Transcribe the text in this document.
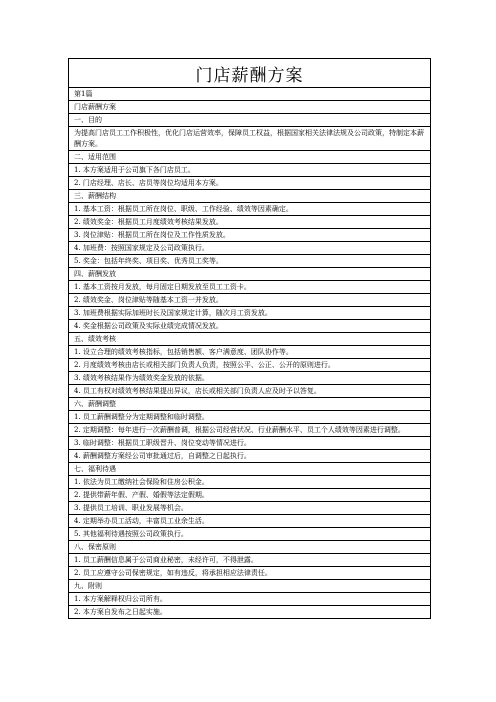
门店薪酬方案
第1篇
门店薪酬方案
一、目的
为提高门店员工工作积极性，优化门店运营效率，保障员工权益，根据国家相关法律法规及公司政策，特制定本薪酬方案。
二、适用范围
1. 本方案适用于公司旗下各门店员工。
2. 门店经理、店长、店员等岗位均适用本方案。
三、薪酬结构
1. 基本工资：根据员工所在岗位、职级、工作经验、绩效等因素确定。
2. 绩效奖金：根据员工月度绩效考核结果发放。
3. 岗位津贴：根据员工所在岗位及工作性质发放。
4. 加班费：按照国家规定及公司政策执行。
5. 奖金：包括年终奖、项目奖、优秀员工奖等。
四、薪酬发放
1. 基本工资按月发放，每月固定日期发放至员工工资卡。
2. 绩效奖金、岗位津贴等随基本工资一并发放。
3. 加班费根据实际加班时长及国家规定计算，随次月工资发放。
4. 奖金根据公司政策及实际业绩完成情况发放。
五、绩效考核
1. 设立合理的绩效考核指标，包括销售额、客户满意度、团队协作等。
2. 月度绩效考核由店长或相关部门负责人负责，按照公平、公正、公开的原则进行。
3. 绩效考核结果作为绩效奖金发放的依据。
4. 员工有权对绩效考核结果提出异议，店长或相关部门负责人应及时予以答复。
六、薪酬调整
1. 员工薪酬调整分为定期调整和临时调整。
2. 定期调整：每年进行一次薪酬普调，根据公司经营状况、行业薪酬水平、员工个人绩效等因素进行调整。
3. 临时调整：根据员工职级晋升、岗位变动等情况进行。
4. 薪酬调整方案经公司审批通过后，自调整之日起执行。
七、福利待遇
1. 依法为员工缴纳社会保险和住房公积金。
2. 提供带薪年假、产假、婚假等法定假期。
3. 提供员工培训、职业发展等机会。
4. 定期举办员工活动，丰富员工业余生活。
5. 其他福利待遇按照公司政策执行。
八、保密原则
1. 员工薪酬信息属于公司商业秘密，未经许可，不得泄露。
2. 员工应遵守公司保密规定，如有违反，将承担相应法律责任。
九、附则
1. 本方案解释权归公司所有。
2. 本方案自发布之日起实施。
